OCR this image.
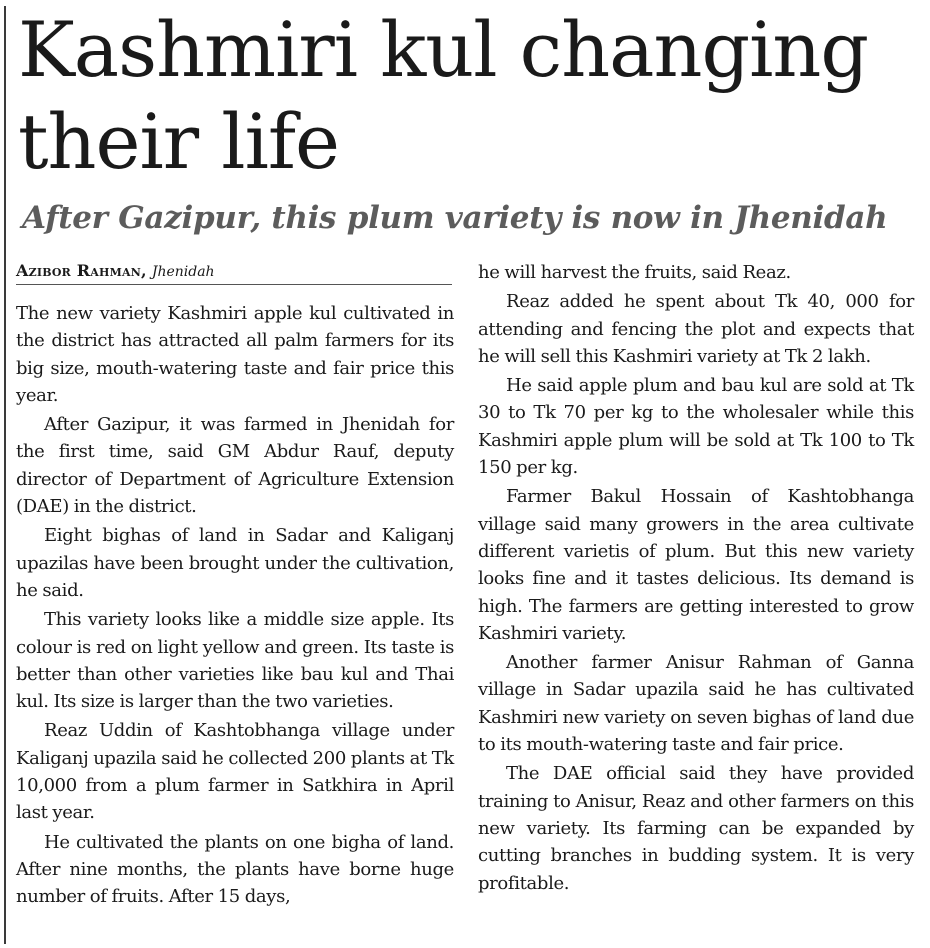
Kashmiri kul changing their life
After Gazipur, this plum variety is now in Jhenidah
Azibor Rahman, Jhenidah

The new variety Kashmiri apple kul cultivated in the district has attracted all palm farmers for its big size, mouth-watering taste and fair price this year.

After Gazipur, it was farmed in Jhenidah for the first time, said GM Abdur Rauf, deputy director of Department of Agriculture Extension (DAE) in the district.

Eight bighas of land in Sadar and Kaliganj upazilas have been brought under the cultivation, he said.

This variety looks like a middle size apple. Its colour is red on light yellow and green. Its taste is better than other varieties like bau kul and Thai kul. Its size is larger than the two varieties.

Reaz Uddin of Kashtobhanga village under Kaliganj upazila said he collected 200 plants at Tk 10,000 from a plum farmer in Satkhira in April last year.

He cultivated the plants on one bigha of land. After nine months, the plants have borne huge number of fruits. After 15 days,

he will harvest the fruits, said Reaz.

Reaz added he spent about Tk 40, 000 for attending and fencing the plot and expects that he will sell this Kashmiri variety at Tk 2 lakh.

He said apple plum and bau kul are sold at Tk 30 to Tk 70 per kg to the wholesaler while this Kashmiri apple plum will be sold at Tk 100 to Tk 150 per kg.

Farmer Bakul Hossain of Kashtobhanga village said many growers in the area cultivate different varietis of plum. But this new variety looks fine and it tastes delicious. Its demand is high. The farmers are getting interested to grow Kashmiri variety.

Another farmer Anisur Rahman of Ganna village in Sadar upazila said he has cultivated Kashmiri new variety on seven bighas of land due to its mouth-watering taste and fair price.

The DAE official said they have provided training to Anisur, Reaz and other farmers on this new variety. Its farming can be expanded by cutting branches in budding system. It is very profitable.
